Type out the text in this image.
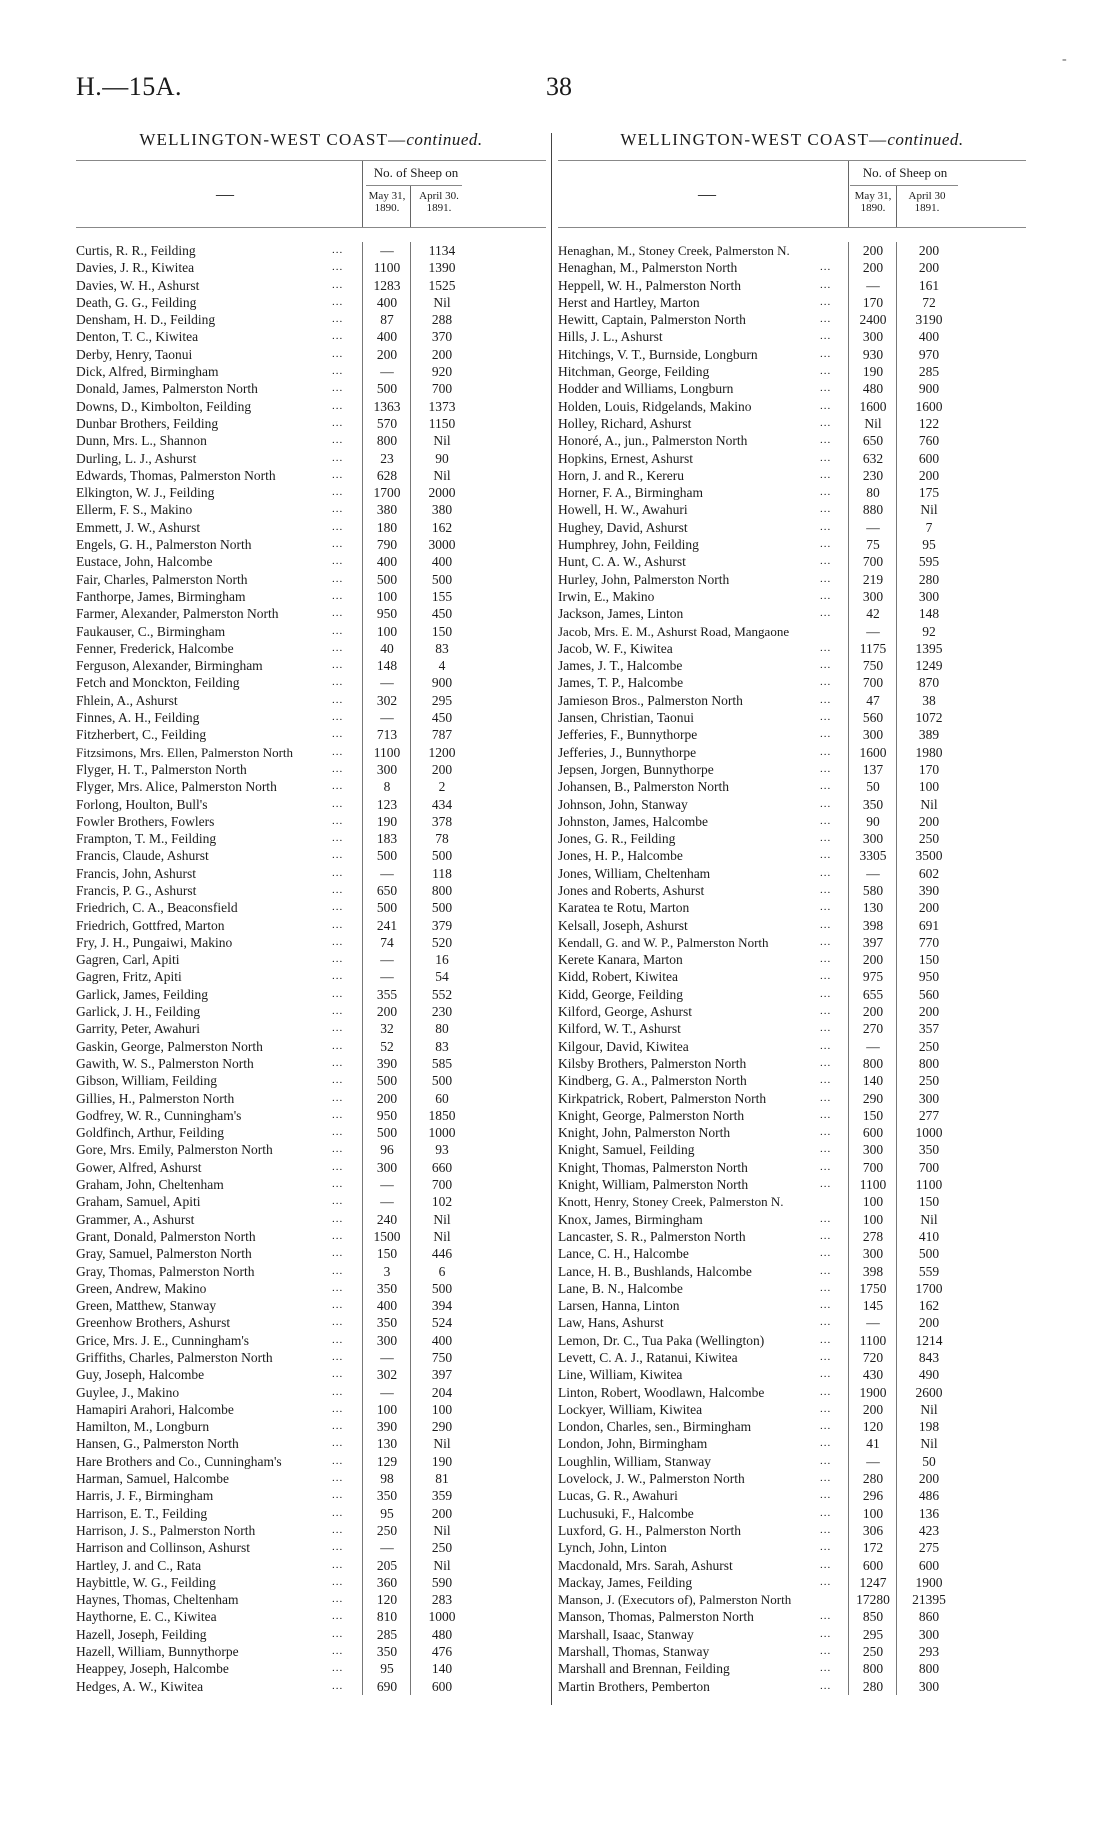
H.—15A.	38
-
WELLINGTON-WEST COAST—continued.
—
No. of Sheep on
May 31, 1890.
April 30. 1891.
Curtis, R. R., Feilding	...	—	1134
Davies, J. R., Kiwitea	...	1100	1390
Davies, W. H., Ashurst	...	1283	1525
Death, G. G., Feilding	...	400	Nil
Densham, H. D., Feilding	...	87	288
Denton, T. C., Kiwitea	...	400	370
Derby, Henry, Taonui	...	200	200
Dick, Alfred, Birmingham	...	—	920
Donald, James, Palmerston North	...	500	700
Downs, D., Kimbolton, Feilding	...	1363	1373
Dunbar Brothers, Feilding	...	570	1150
Dunn, Mrs. L., Shannon	...	800	Nil
Durling, L. J., Ashurst	...	23	90
Edwards, Thomas, Palmerston North	...	628	Nil
Elkington, W. J., Feilding	...	1700	2000
Ellerm, F. S., Makino	...	380	380
Emmett, J. W., Ashurst	...	180	162
Engels, G. H., Palmerston North	...	790	3000
Eustace, John, Halcombe	...	400	400
Fair, Charles, Palmerston North	...	500	500
Fanthorpe, James, Birmingham	...	100	155
Farmer, Alexander, Palmerston North	...	950	450
Faukauser, C., Birmingham	...	100	150
Fenner, Frederick, Halcombe	...	40	83
Ferguson, Alexander, Birmingham	...	148	4
Fetch and Monckton, Feilding	...	—	900
Fhlein, A., Ashurst	...	302	295
Finnes, A. H., Feilding	...	—	450
Fitzherbert, C., Feilding	...	713	787
Fitzsimons, Mrs. Ellen, Palmerston North	...	1100	1200
Flyger, H. T., Palmerston North	...	300	200
Flyger, Mrs. Alice, Palmerston North	...	8	2
Forlong, Houlton, Bull's	...	123	434
Fowler Brothers, Fowlers	...	190	378
Frampton, T. M., Feilding	...	183	78
Francis, Claude, Ashurst	...	500	500
Francis, John, Ashurst	...	—	118
Francis, P. G., Ashurst	...	650	800
Friedrich, C. A., Beaconsfield	...	500	500
Friedrich, Gottfred, Marton	...	241	379
Fry, J. H., Pungaiwi, Makino	...	74	520
Gagren, Carl, Apiti	...	—	16
Gagren, Fritz, Apiti	...	—	54
Garlick, James, Feilding	...	355	552
Garlick, J. H., Feilding	...	200	230
Garrity, Peter, Awahuri	...	32	80
Gaskin, George, Palmerston North	...	52	83
Gawith, W. S., Palmerston North	...	390	585
Gibson, William, Feilding	...	500	500
Gillies, H., Palmerston North	...	200	60
Godfrey, W. R., Cunningham's	...	950	1850
Goldfinch, Arthur, Feilding	...	500	1000
Gore, Mrs. Emily, Palmerston North	...	96	93
Gower, Alfred, Ashurst	...	300	660
Graham, John, Cheltenham	...	—	700
Graham, Samuel, Apiti	...	—	102
Grammer, A., Ashurst	...	240	Nil
Grant, Donald, Palmerston North	...	1500	Nil
Gray, Samuel, Palmerston North	...	150	446
Gray, Thomas, Palmerston North	...	3	6
Green, Andrew, Makino	...	350	500
Green, Matthew, Stanway	...	400	394
Greenhow Brothers, Ashurst	...	350	524
Grice, Mrs. J. E., Cunningham's	...	300	400
Griffiths, Charles, Palmerston North	...	—	750
Guy, Joseph, Halcombe	...	302	397
Guylee, J., Makino	...	—	204
Hamapiri Arahori, Halcombe	...	100	100
Hamilton, M., Longburn	...	390	290
Hansen, G., Palmerston North	...	130	Nil
Hare Brothers and Co., Cunningham's	...	129	190
Harman, Samuel, Halcombe	...	98	81
Harris, J. F., Birmingham	...	350	359
Harrison, E. T., Feilding	...	95	200
Harrison, J. S., Palmerston North	...	250	Nil
Harrison and Collinson, Ashurst	...	—	250
Hartley, J. and C., Rata	...	205	Nil
Haybittle, W. G., Feilding	...	360	590
Haynes, Thomas, Cheltenham	...	120	283
Haythorne, E. C., Kiwitea	...	810	1000
Hazell, Joseph, Feilding	...	285	480
Hazell, William, Bunnythorpe	...	350	476
Heappey, Joseph, Halcombe	...	95	140
Hedges, A. W., Kiwitea	...	690	600
WELLINGTON-WEST COAST—continued.
—
No. of Sheep on
May 31, 1890.
April 30 1891.
Henaghan, M., Stoney Creek, Palmerston N.	200	200
Henaghan, M., Palmerston North	...	200	200
Heppell, W. H., Palmerston North	...	—	161
Herst and Hartley, Marton	...	170	72
Hewitt, Captain, Palmerston North	...	2400	3190
Hills, J. L., Ashurst	...	300	400
Hitchings, V. T., Burnside, Longburn	...	930	970
Hitchman, George, Feilding	...	190	285
Hodder and Williams, Longburn	...	480	900
Holden, Louis, Ridgelands, Makino	...	1600	1600
Holley, Richard, Ashurst	...	Nil	122
Honoré, A., jun., Palmerston North	...	650	760
Hopkins, Ernest, Ashurst	...	632	600
Horn, J. and R., Kereru	...	230	200
Horner, F. A., Birmingham	...	80	175
Howell, H. W., Awahuri	...	880	Nil
Hughey, David, Ashurst	...	—	7
Humphrey, John, Feilding	...	75	95
Hunt, C. A. W., Ashurst	...	700	595
Hurley, John, Palmerston North	...	219	280
Irwin, E., Makino	...	300	300
Jackson, James, Linton	...	42	148
Jacob, Mrs. E. M., Ashurst Road, Mangaone	—	92
Jacob, W. F., Kiwitea	...	1175	1395
James, J. T., Halcombe	...	750	1249
James, T. P., Halcombe	...	700	870
Jamieson Bros., Palmerston North	...	47	38
Jansen, Christian, Taonui	...	560	1072
Jefferies, F., Bunnythorpe	...	300	389
Jefferies, J., Bunnythorpe	...	1600	1980
Jepsen, Jorgen, Bunnythorpe	...	137	170
Johansen, B., Palmerston North	...	50	100
Johnson, John, Stanway	...	350	Nil
Johnston, James, Halcombe	...	90	200
Jones, G. R., Feilding	...	300	250
Jones, H. P., Halcombe	...	3305	3500
Jones, William, Cheltenham	...	—	602
Jones and Roberts, Ashurst	...	580	390
Karatea te Rotu, Marton	...	130	200
Kelsall, Joseph, Ashurst	...	398	691
Kendall, G. and W. P., Palmerston North	...	397	770
Kerete Kanara, Marton	...	200	150
Kidd, Robert, Kiwitea	...	975	950
Kidd, George, Feilding	...	655	560
Kilford, George, Ashurst	...	200	200
Kilford, W. T., Ashurst	...	270	357
Kilgour, David, Kiwitea	...	—	250
Kilsby Brothers, Palmerston North	...	800	800
Kindberg, G. A., Palmerston North	...	140	250
Kirkpatrick, Robert, Palmerston North	...	290	300
Knight, George, Palmerston North	...	150	277
Knight, John, Palmerston North	...	600	1000
Knight, Samuel, Feilding	...	300	350
Knight, Thomas, Palmerston North	...	700	700
Knight, William, Palmerston North	...	1100	1100
Knott, Henry, Stoney Creek, Palmerston N.	100	150
Knox, James, Birmingham	...	100	Nil
Lancaster, S. R., Palmerston North	...	278	410
Lance, C. H., Halcombe	...	300	500
Lance, H. B., Bushlands, Halcombe	...	398	559
Lane, B. N., Halcombe	...	1750	1700
Larsen, Hanna, Linton	...	145	162
Law, Hans, Ashurst	...	—	200
Lemon, Dr. C., Tua Paka (Wellington)	...	1100	1214
Levett, C. A. J., Ratanui, Kiwitea	...	720	843
Line, William, Kiwitea	...	430	490
Linton, Robert, Woodlawn, Halcombe	...	1900	2600
Lockyer, William, Kiwitea	...	200	Nil
London, Charles, sen., Birmingham	...	120	198
London, John, Birmingham	...	41	Nil
Loughlin, William, Stanway	...	—	50
Lovelock, J. W., Palmerston North	...	280	200
Lucas, G. R., Awahuri	...	296	486
Luchusuki, F., Halcombe	...	100	136
Luxford, G. H., Palmerston North	...	306	423
Lynch, John, Linton	...	172	275
Macdonald, Mrs. Sarah, Ashurst	...	600	600
Mackay, James, Feilding	...	1247	1900
Manson, J. (Executors of), Palmerston North	17280	21395
Manson, Thomas, Palmerston North	...	850	860
Marshall, Isaac, Stanway	...	295	300
Marshall, Thomas, Stanway	...	250	293
Marshall and Brennan, Feilding	...	800	800
Martin Brothers, Pemberton	...	280	300
